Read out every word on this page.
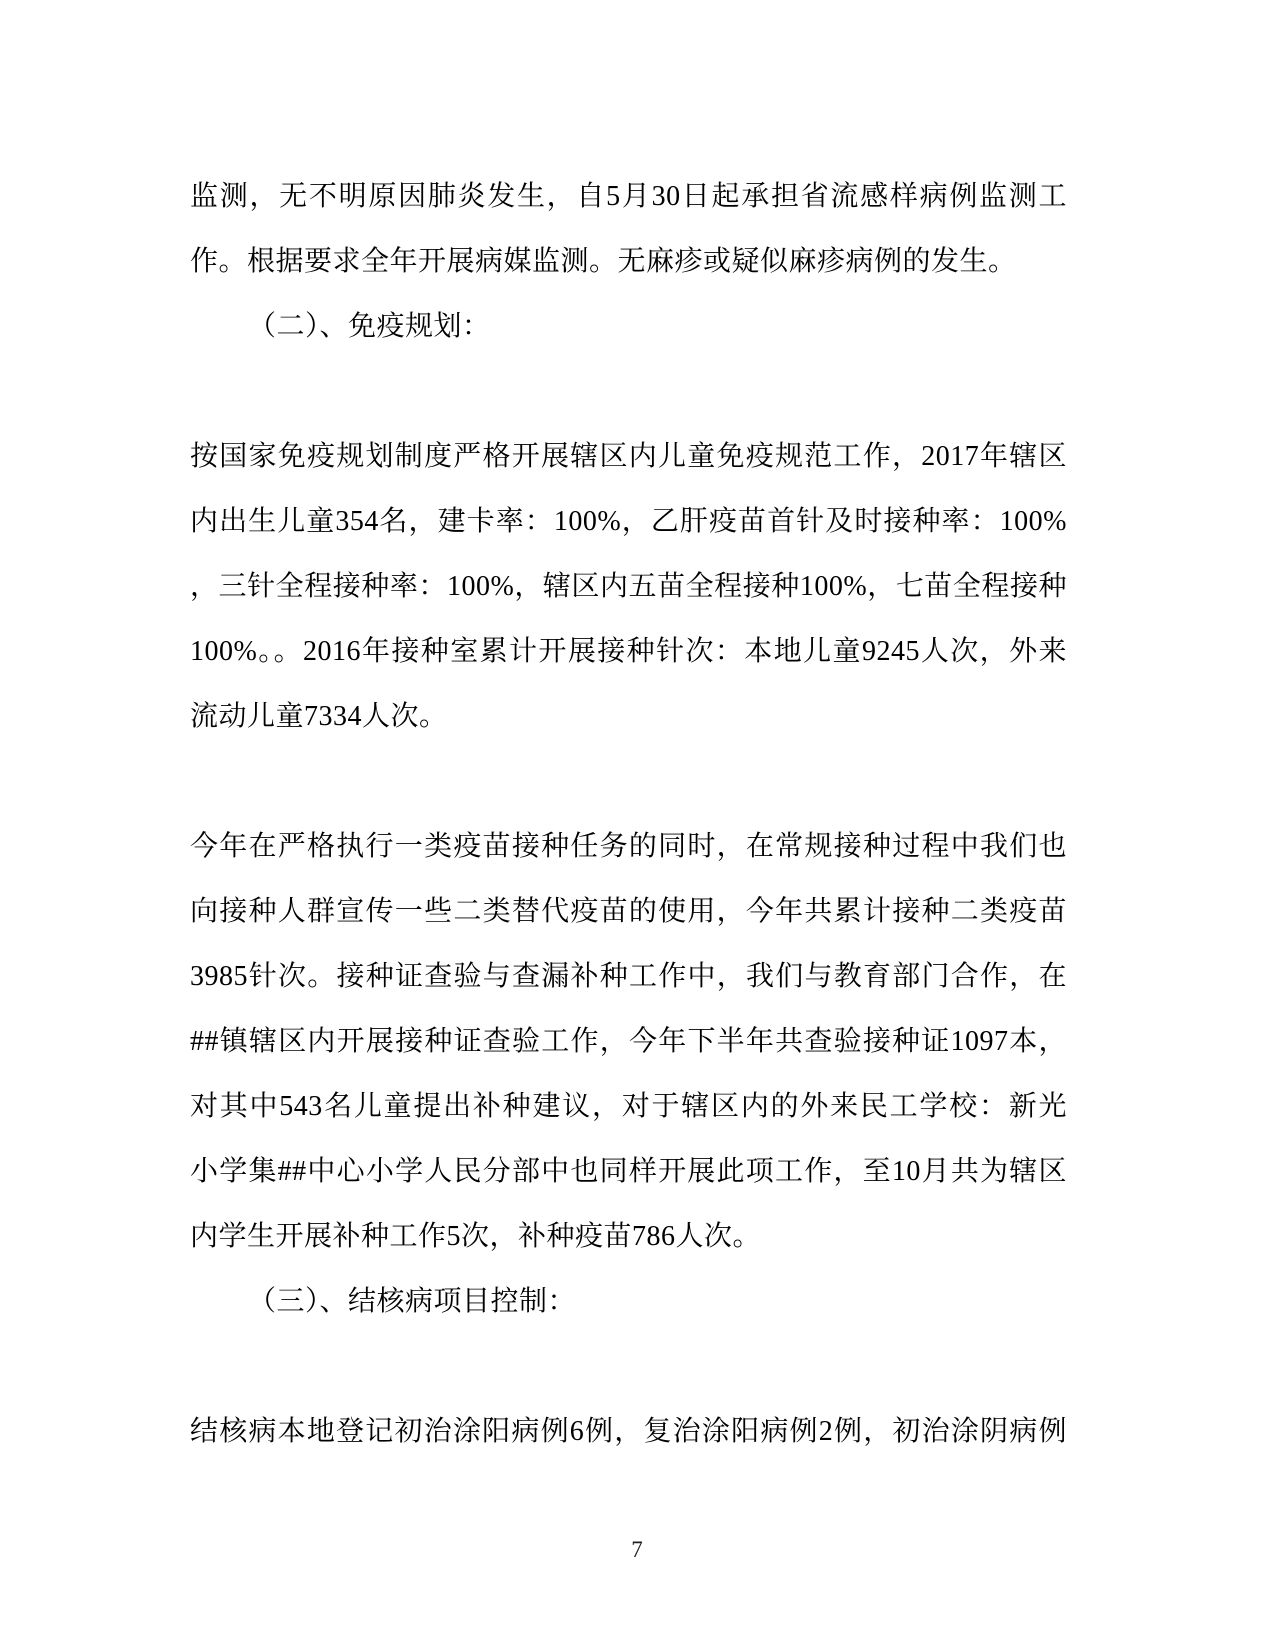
监测，无不明原因肺炎发生，自5月30日起承担省流感样病例监测工
作。根据要求全年开展病媒监测。无麻疹或疑似麻疹病例的发生。
（二）、免疫规划：
按国家免疫规划制度严格开展辖区内儿童免疫规范工作，2017年辖区
内出生儿童354名，建卡率：100%，乙肝疫苗首针及时接种率：100%
，三针全程接种率：100%，辖区内五苗全程接种100%，七苗全程接种
100%。。2016年接种室累计开展接种针次：本地儿童9245人次，外来
流动儿童7334人次。
今年在严格执行一类疫苗接种任务的同时，在常规接种过程中我们也
向接种人群宣传一些二类替代疫苗的使用，今年共累计接种二类疫苗
3985针次。接种证查验与查漏补种工作中，我们与教育部门合作，在
##镇辖区内开展接种证查验工作，今年下半年共查验接种证1097本，
对其中543名儿童提出补种建议，对于辖区内的外来民工学校：新光
小学集##中心小学人民分部中也同样开展此项工作，至10月共为辖区
内学生开展补种工作5次，补种疫苗786人次。
（三）、结核病项目控制：
结核病本地登记初治涂阳病例6例，复治涂阳病例2例，初治涂阴病例
7
